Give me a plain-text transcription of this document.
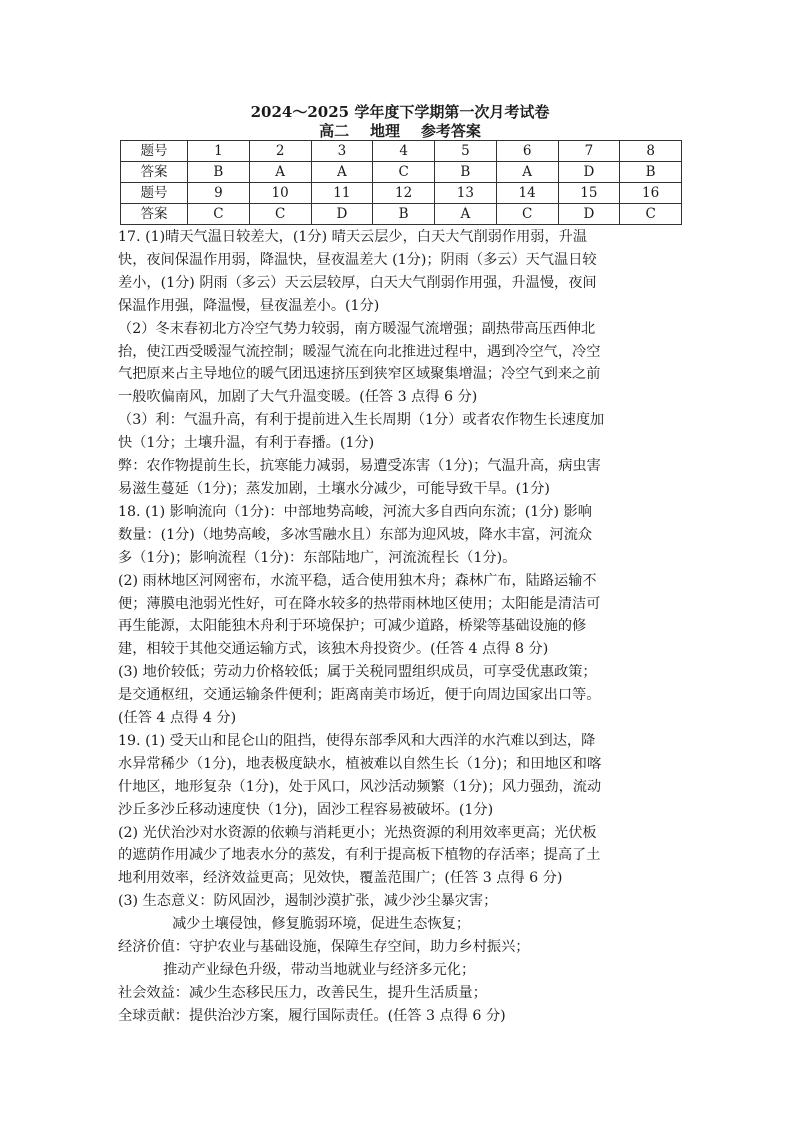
2024～2025 学年度下学期第一次月考试卷
高二    地理    参考答案
题号	1	2	3	4	5	6	7	8
答案	B	A	A	C	B	A	D	B
题号	9	10	11	12	13	14	15	16
答案	C	C	D	B	A	C	D	C

17. (1)晴天气温日较差大，(1分) 晴天云层少，白天大气削弱作用弱，升温

快，夜间保温作用弱，降温快，昼夜温差大 (1分)；阴雨（多云）天气温日较

差小，(1分) 阴雨（多云）天云层较厚，白天大气削弱作用强，升温慢，夜间

保温作用强，降温慢，昼夜温差小。(1分)

（2）冬末春初北方冷空气势力较弱，南方暖湿气流增强；副热带高压西伸北

抬，使江西受暖湿气流控制；暖湿气流在向北推进过程中，遇到冷空气，冷空

气把原来占主导地位的暖气团迅速挤压到狭窄区域聚集增温；冷空气到来之前

一般吹偏南风，加剧了大气升温变暖。(任答 3 点得 6 分)

（3）利：气温升高，有利于提前进入生长周期（1分）或者农作物生长速度加

快（1分；土壤升温，有利于春播。(1分)

弊：农作物提前生长，抗寒能力减弱，易遭受冻害（1分)；气温升高，病虫害

易滋生蔓延（1分)；蒸发加剧，土壤水分减少，可能导致干旱。(1分)

18. (1) 影响流向（1分)：中部地势高峻，河流大多自西向东流；(1分) 影响

数量：(1分)（地势高峻，多冰雪融水且）东部为迎风坡，降水丰富，河流众

多（1分)；影响流程（1分)：东部陆地广，河流流程长（1分)。

(2) 雨林地区河网密布，水流平稳，适合使用独木舟；森林广布，陆路运输不

便；薄膜电池弱光性好，可在降水较多的热带雨林地区使用；太阳能是清洁可

再生能源，太阳能独木舟利于环境保护；可减少道路，桥梁等基础设施的修

建，相较于其他交通运输方式，该独木舟投资少。(任答 4 点得 8 分)

(3) 地价较低；劳动力价格较低；属于关税同盟组织成员，可享受优惠政策；

是交通枢纽，交通运输条件便利；距离南美市场近，便于向周边国家出口等。

(任答 4 点得 4 分)

19. (1) 受天山和昆仑山的阻挡，使得东部季风和大西洋的水汽难以到达，降

水异常稀少（1分)，地表极度缺水，植被难以自然生长（1分)；和田地区和喀

什地区，地形复杂（1分)，处于风口，风沙活动频繁（1分)；风力强劲，流动

沙丘多沙丘移动速度快（1分)，固沙工程容易被破坏。(1分)

(2) 光伏治沙对水资源的依赖与消耗更小；光热资源的利用效率更高；光伏板

的遮荫作用减少了地表水分的蒸发，有利于提高板下植物的存活率；提高了土

地利用效率，经济效益更高；见效快，覆盖范围广；(任答 3 点得 6 分)

(3) 生态意义：防风固沙，遏制沙漠扩张，减少沙尘暴灾害；

减少土壤侵蚀，修复脆弱环境，促进生态恢复；

经济价值：守护农业与基础设施，保障生存空间，助力乡村振兴；

推动产业绿色升级，带动当地就业与经济多元化；

社会效益：减少生态移民压力，改善民生，提升生活质量；

全球贡献：提供治沙方案，履行国际责任。(任答 3 点得 6 分)
